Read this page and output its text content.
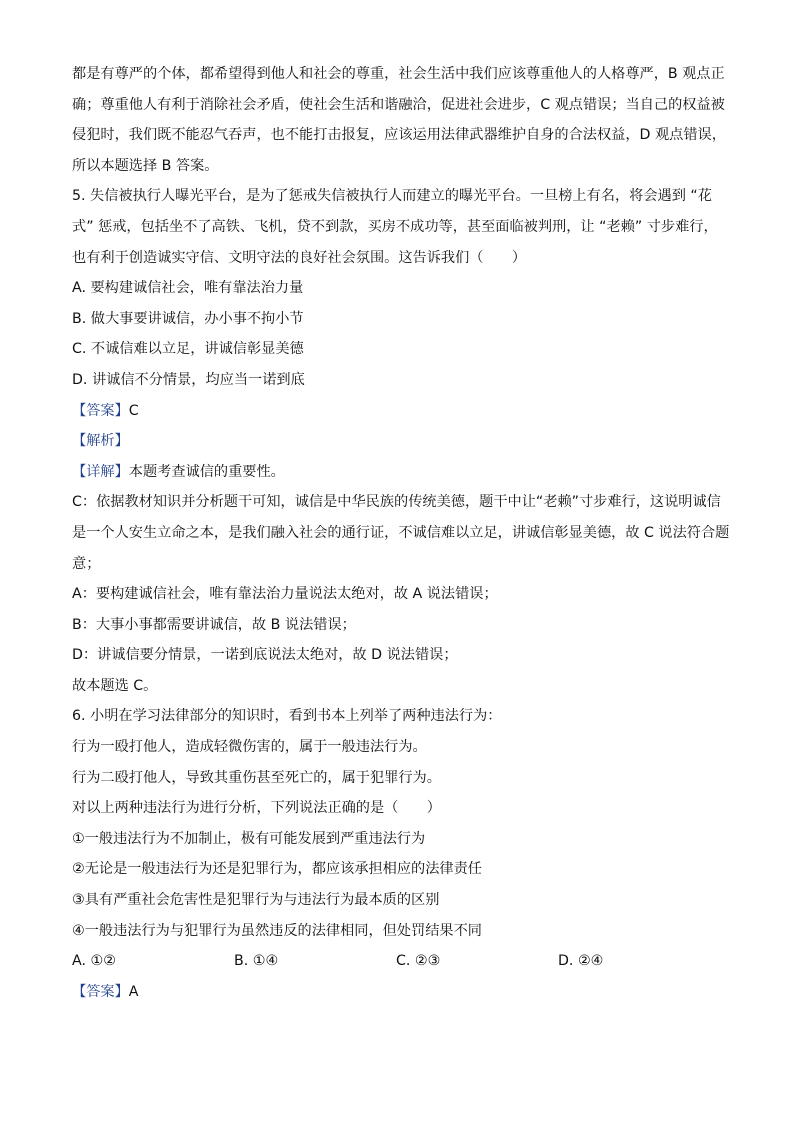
都是有尊严的个体，都希望得到他人和社会的尊重，社会生活中我们应该尊重他人的人格尊严，B 观点正

确；尊重他人有利于消除社会矛盾，使社会生活和谐融洽，促进社会进步，C 观点错误；当自己的权益被

侵犯时，我们既不能忍气吞声，也不能打击报复，应该运用法律武器维护自身的合法权益，D 观点错误，

所以本题选择 B 答案。

5. 失信被执行人曝光平台，是为了惩戒失信被执行人而建立的曝光平台。一旦榜上有名，将会遇到 “花

式” 惩戒，包括坐不了高铁、飞机，贷不到款，买房不成功等，甚至面临被判刑，让 “老赖” 寸步难行，

也有利于创造诚实守信、文明守法的良好社会氛围。这告诉我们（　　）

A. 要构建诚信社会，唯有靠法治力量

B. 做大事要讲诚信，办小事不拘小节

C. 不诚信难以立足，讲诚信彰显美德

D. 讲诚信不分情景，均应当一诺到底

【答案】C

【解析】

【详解】本题考查诚信的重要性。

C：依据教材知识并分析题干可知，诚信是中华民族的传统美德，题干中让“老赖”寸步难行，这说明诚信

是一个人安生立命之本，是我们融入社会的通行证，不诚信难以立足，讲诚信彰显美德，故 C 说法符合题

意；

A：要构建诚信社会，唯有靠法治力量说法太绝对，故 A 说法错误；

B：大事小事都需要讲诚信，故 B 说法错误；

D：讲诚信要分情景，一诺到底说法太绝对，故 D 说法错误；

故本题选 C。

6. 小明在学习法律部分的知识时，看到书本上列举了两种违法行为：

行为一殴打他人，造成轻微伤害的，属于一般违法行为。

行为二殴打他人，导致其重伤甚至死亡的，属于犯罪行为。

对以上两种违法行为进行分析，下列说法正确的是（　　）

①一般违法行为不加制止，极有可能发展到严重违法行为

②无论是一般违法行为还是犯罪行为，都应该承担相应的法律责任

③具有严重社会危害性是犯罪行为与违法行为最本质的区别

④一般违法行为与犯罪行为虽然违反的法律相同，但处罚结果不同

A. ①②	B. ①④	C. ②③	D. ②④

【答案】A
